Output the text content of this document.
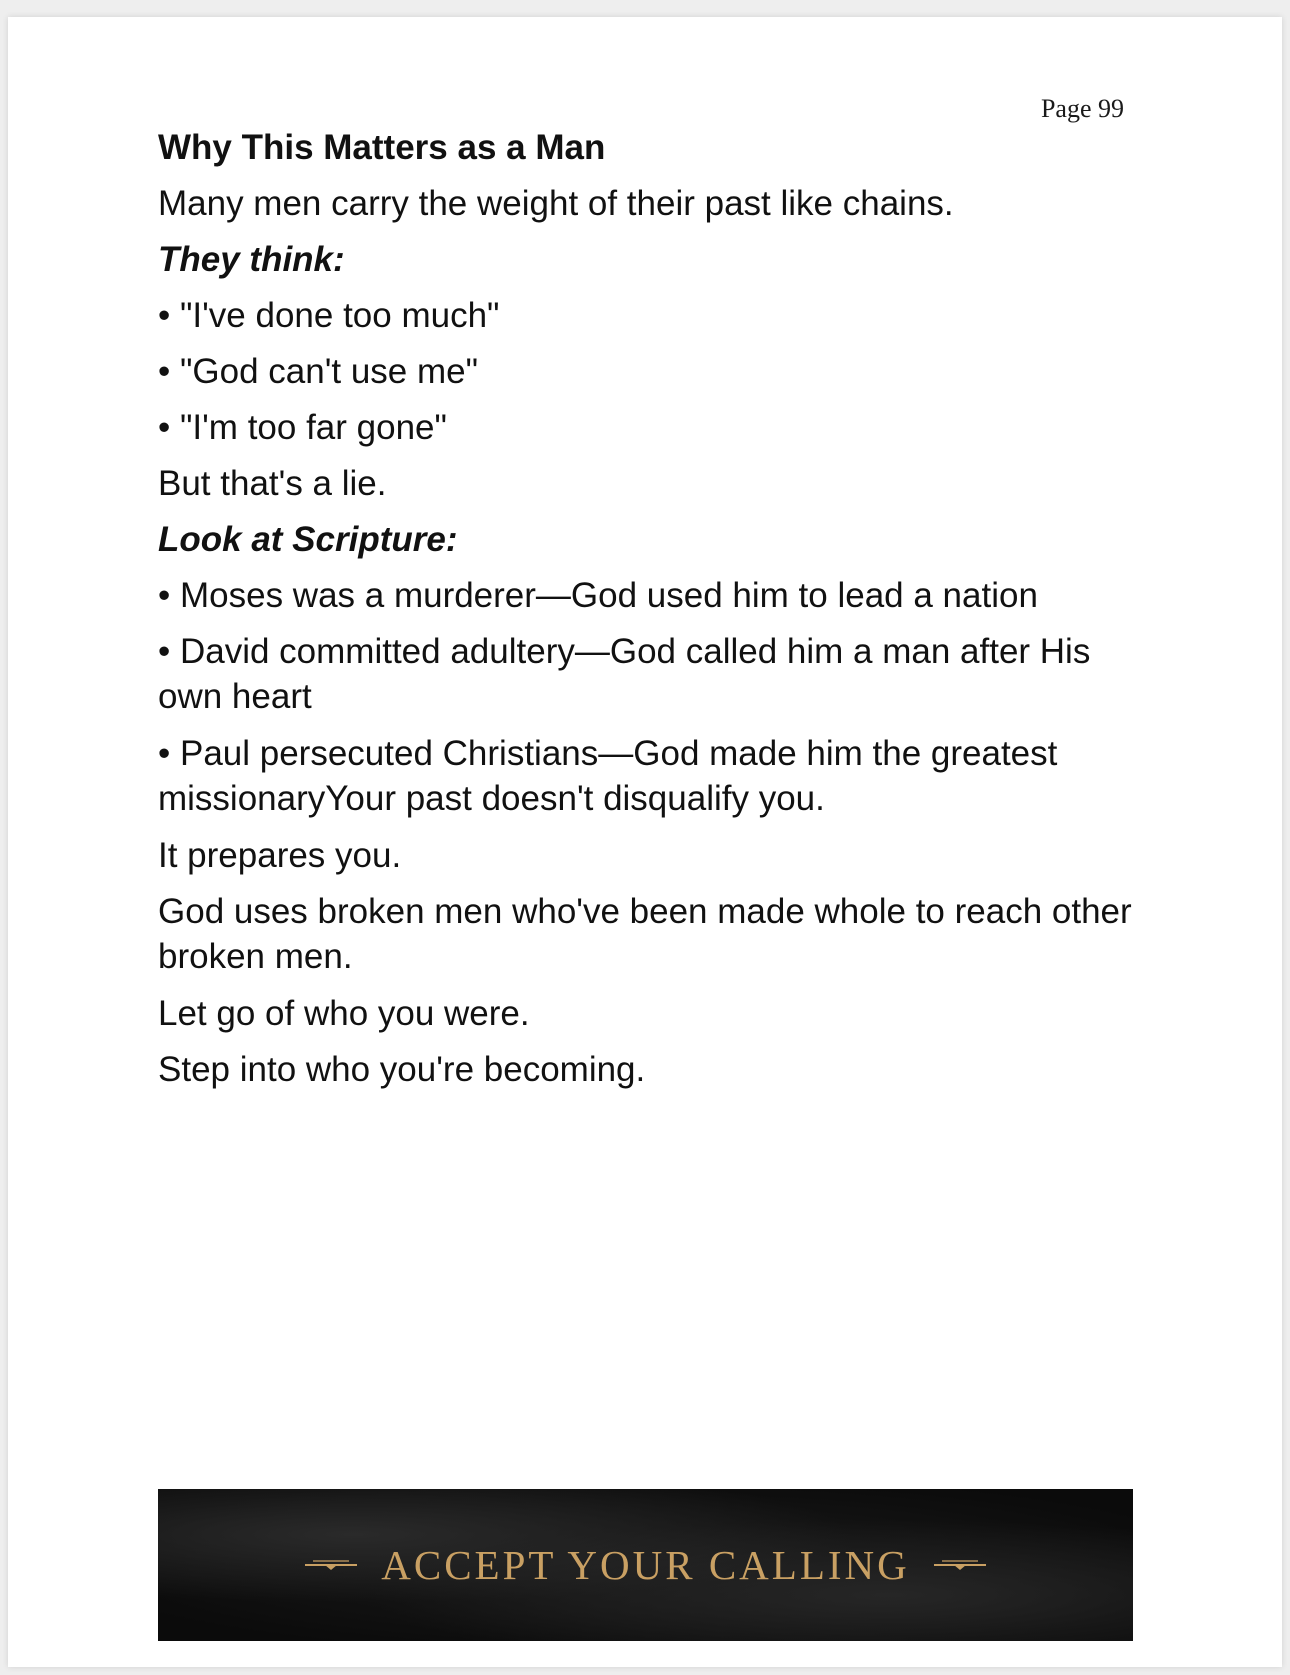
Page 99

Why This Matters as a Man

Many men carry the weight of their past like chains.

They think:

• "I've done too much"

• "God can't use me"

• "I'm too far gone"

But that's a lie.

Look at Scripture:

• Moses was a murderer—God used him to lead a nation

• David committed adultery—God called him a man after His own heart

• Paul persecuted Christians—God made him the greatest missionaryYour past doesn't disqualify you.

It prepares you.

God uses broken men who've been made whole to reach other broken men.

Let go of who you were.

Step into who you're becoming.

ACCEPT YOUR CALLING
